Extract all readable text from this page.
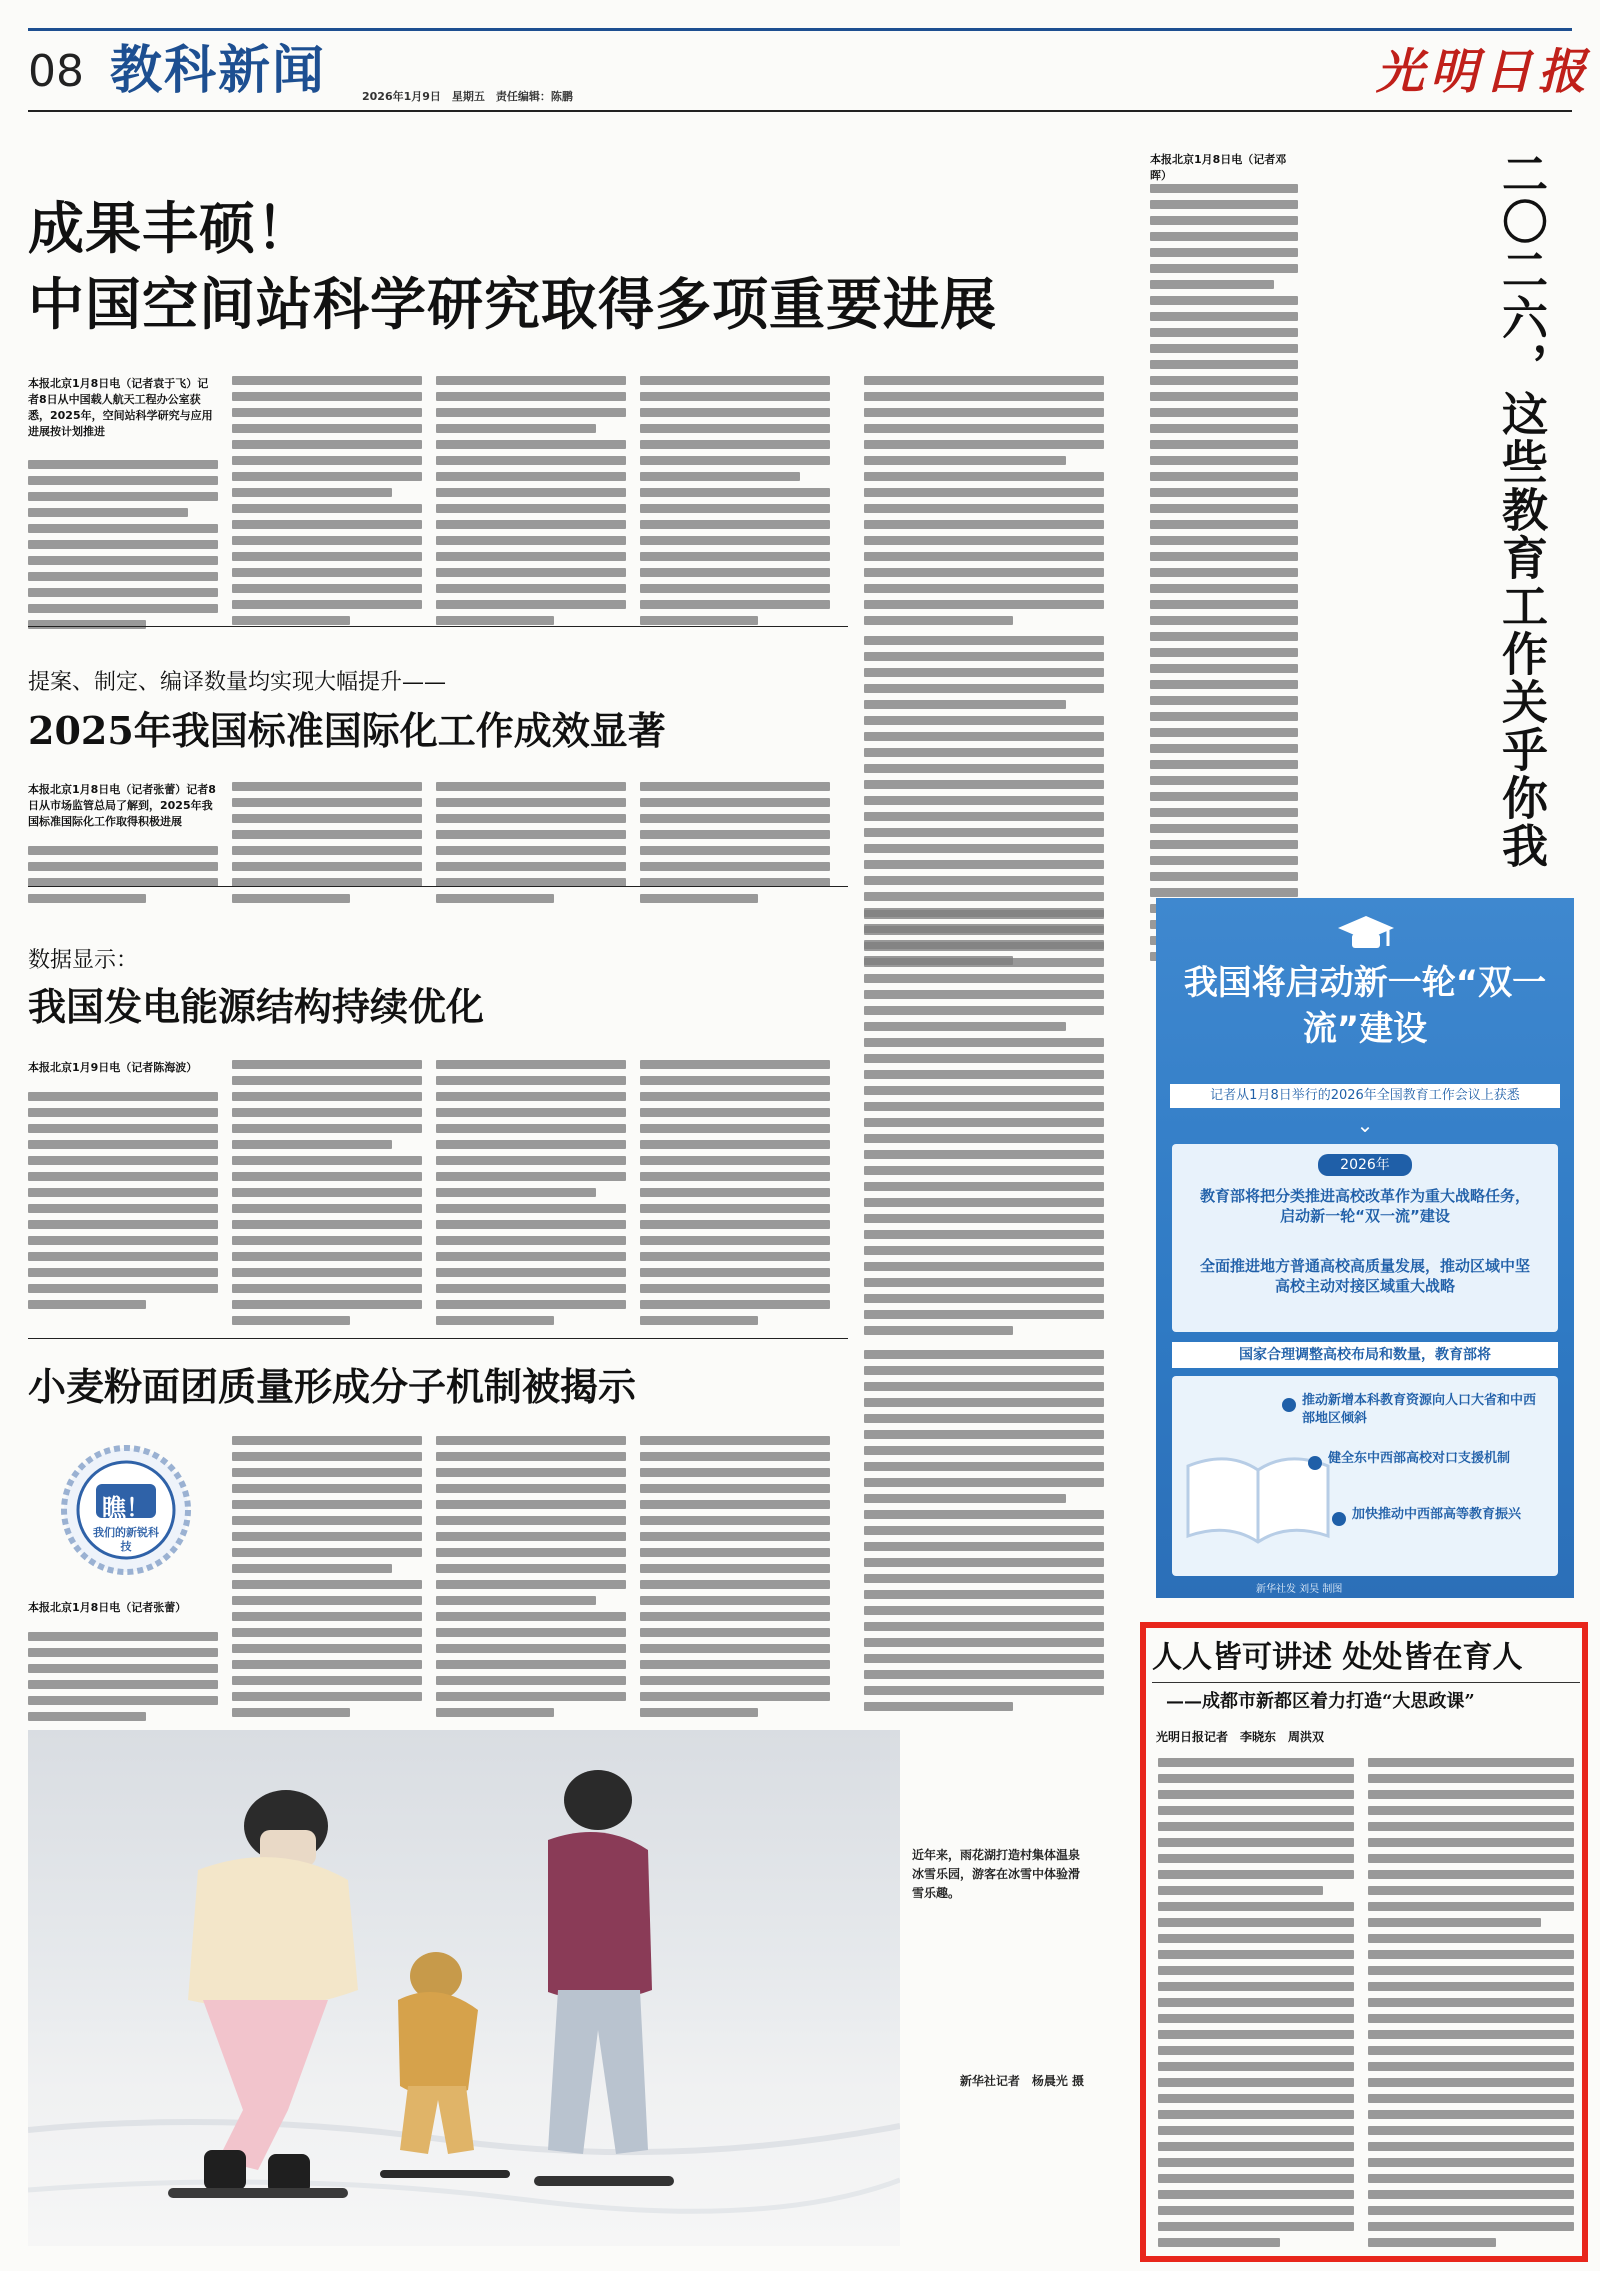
08 教科新闻	2026年1月9日　星期五　责任编辑：陈鹏	光明日报
成果丰硕！
中国空间站科学研究取得多项重要进展
本报北京1月8日电（记者袁于飞）记者8日从中国载人航天工程办公室获悉，2025年，空间站科学研究与应用进展按计划推进
提案、制定、编译数量均实现大幅提升——
2025年我国标准国际化工作成效显著
本报北京1月8日电（记者张蕾）记者8日从市场监管总局了解到，2025年我国标准国际化工作取得积极进展
数据显示：
我国发电能源结构持续优化
本报北京1月9日电（记者陈海波）
小麦粉面团质量形成分子机制被揭示
瞧！
我们的新锐科技
本报北京1月8日电（记者张蕾）
近年来，雨花湖打造村集体温泉冰雪乐园，游客在冰雪中体验滑雪乐趣。
新华社记者　杨晨光 摄
本报北京1月8日电（记者邓晖）	二〇二六，这些教育工作关乎你我
我国将启动新一轮“双一流”建设
记者从1月8日举行的2026年全国教育工作会议上获悉
⌄
2026年
教育部将把分类推进高校改革作为重大战略任务，启动新一轮“双一流”建设
全面推进地方普通高校高质量发展，推动区域中坚高校主动对接区域重大战略
国家合理调整高校布局和数量，教育部将
推动新增本科教育资源向人口大省和中西部地区倾斜
健全东中西部高校对口支援机制
加快推动中西部高等教育振兴
新华社发 刘昊 制图
人人皆可讲述 处处皆在育人
——成都市新都区着力打造“大思政课”
光明日报记者　李晓东　周洪双
